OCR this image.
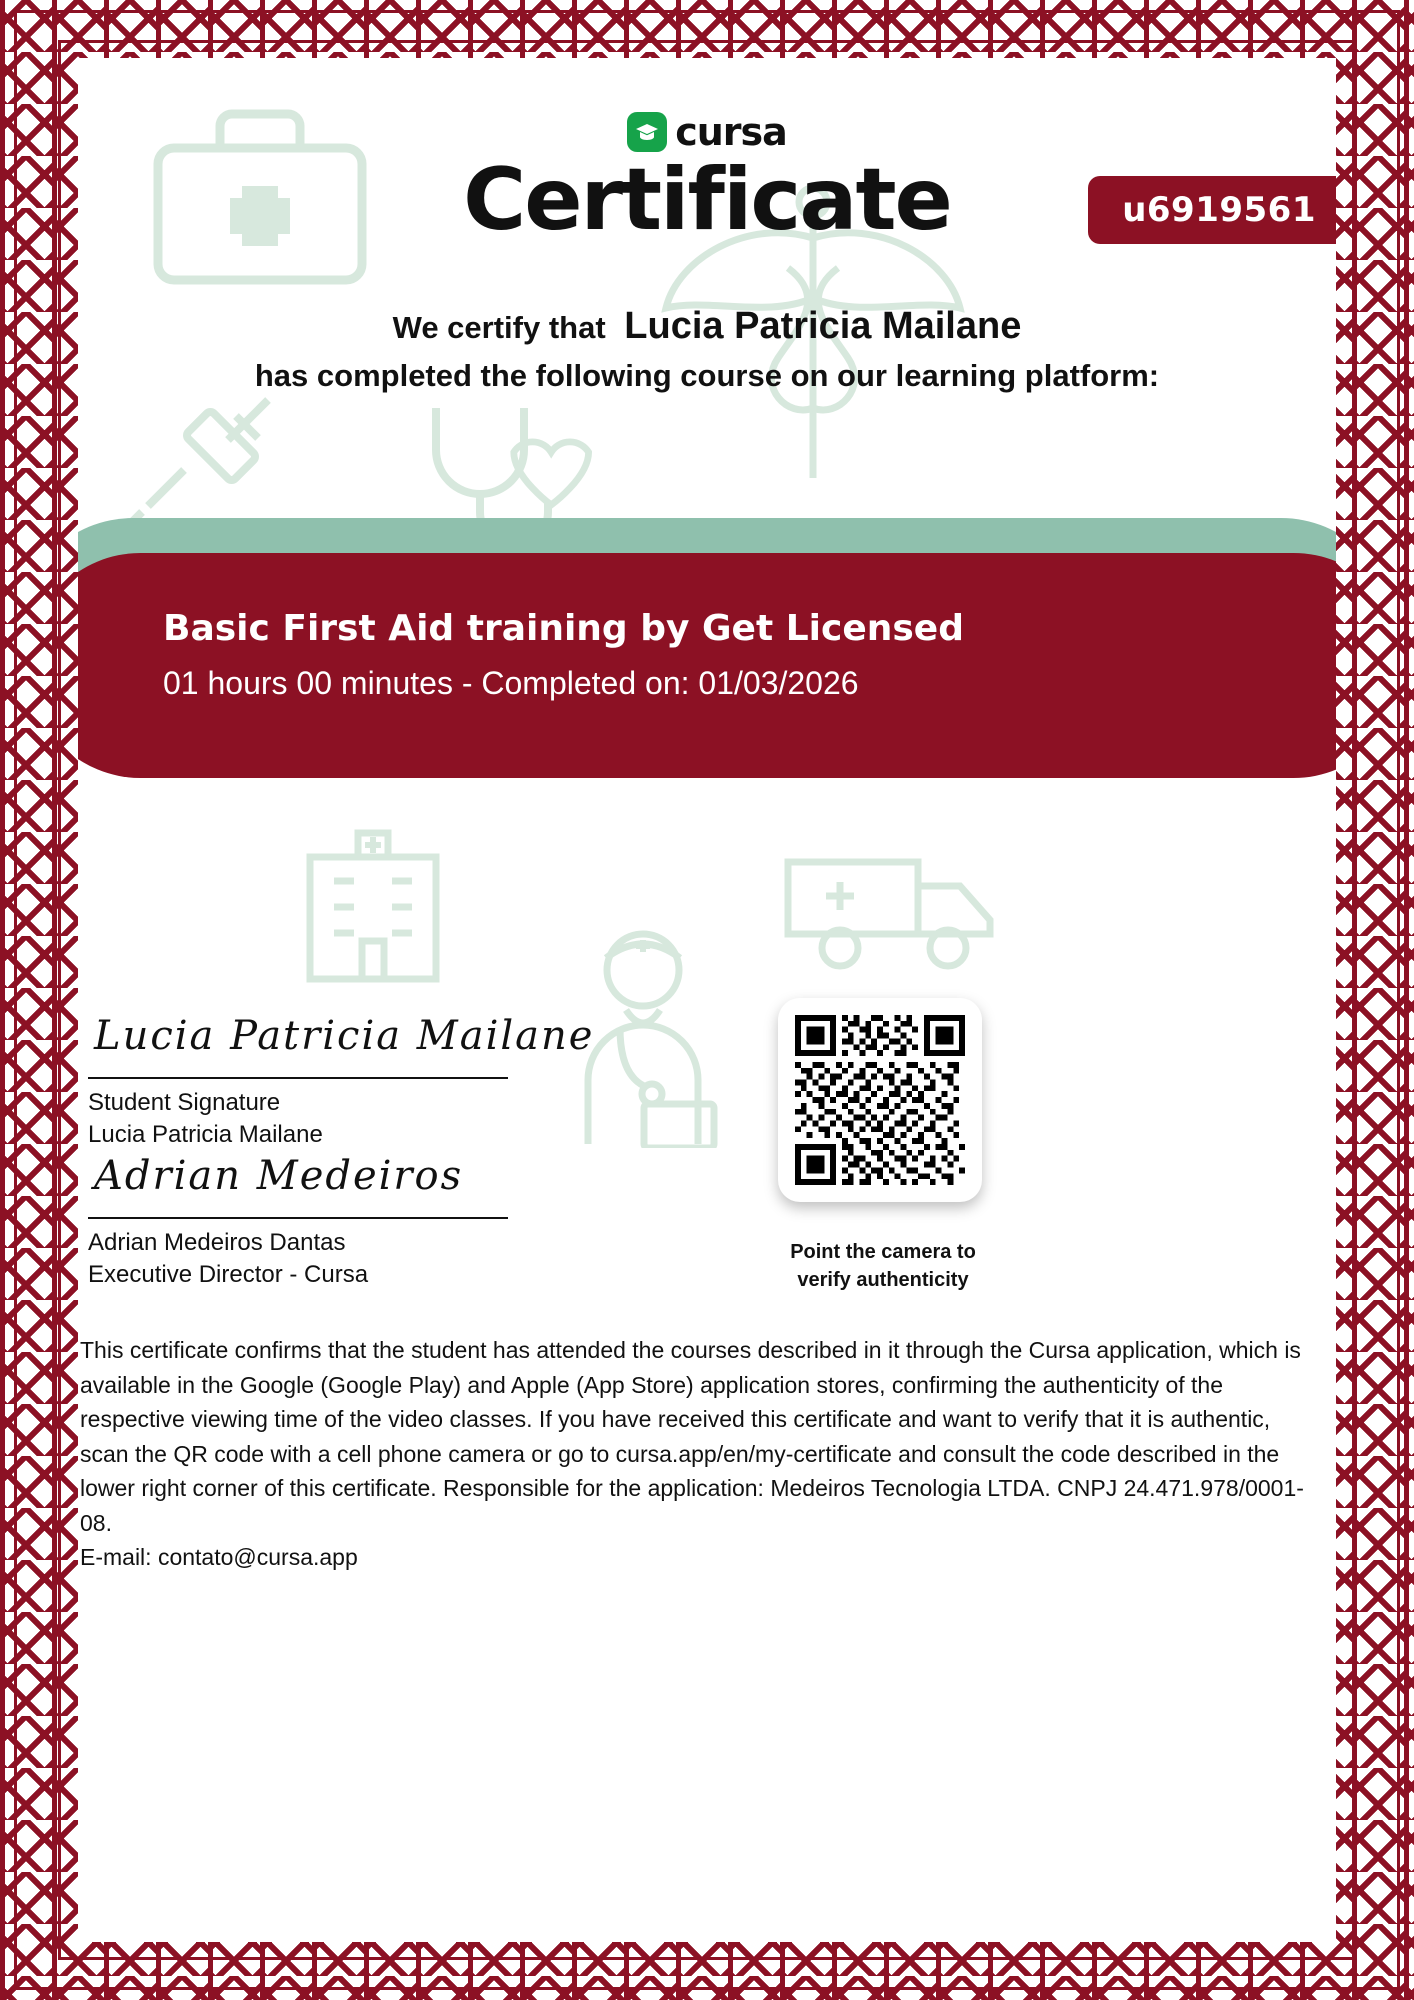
cursa
Certificate	u6919561
We certify that Lucia Patricia Mailane
has completed the following course on our learning platform:
Basic First Aid training by Get Licensed
01 hours 00 minutes - Completed on: 01/03/2026
Lucia Patricia Mailane
Student Signature
Lucia Patricia Mailane
Adrian Medeiros
Adrian Medeiros Dantas
Executive Director - Cursa
Point the camera to
verify authenticity
This certificate confirms that the student has attended the courses described in it through the Cursa application, which is available in the Google (Google Play) and Apple (App Store) application stores, confirming the authenticity of the respective viewing time of the video classes. If you have received this certificate and want to verify that it is authentic, scan the QR code with a cell phone camera or go to cursa.app/en/my-certificate and consult the code described in the lower right corner of this certificate. Responsible for the application: Medeiros Tecnologia LTDA. CNPJ 24.471.978/0001-08.
E-mail: contato@cursa.app
